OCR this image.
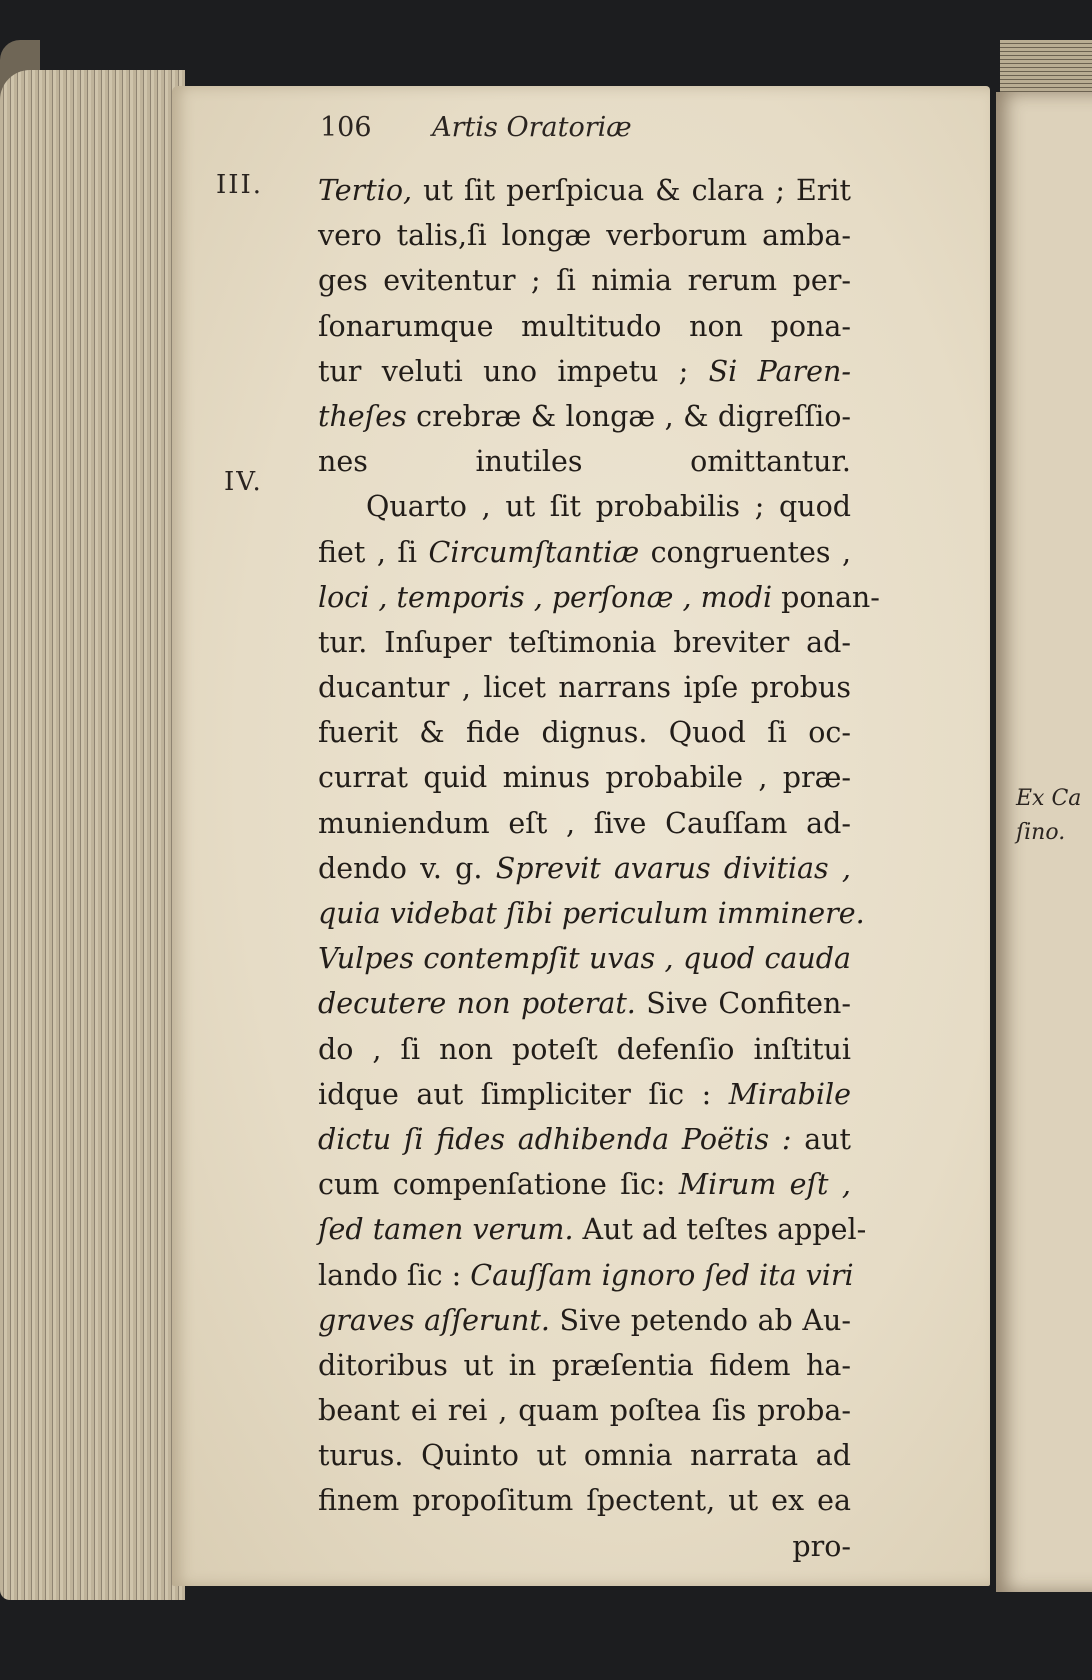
Ex Ca
ſino.
106 Artis Oratoriæ
III.
IV.
Tertio, ut ſit perſpicua & clara ; Erit
vero talis,ſi longæ verborum amba-
ges evitentur ; ſi nimia rerum per-
ſonarumque multitudo non pona-
tur veluti uno impetu ; Si Paren-
theſes crebræ & longæ , & digreſſio-
nes inutiles omittantur.
Quarto , ut ſit probabilis ; quod
fiet , ſi Circumſtantiæ congruentes ,
loci , temporis , perſonæ , modi ponan-
tur. Inſuper teſtimonia breviter ad-
ducantur , licet narrans ipſe probus
fuerit & fide dignus. Quod ſi oc-
currat quid minus probabile , præ-
muniendum eſt , ſive Cauſſam ad-
dendo v. g. Sprevit avarus divitias ,
quia videbat ſibi periculum imminere.
Vulpes contempſit uvas , quod cauda
decutere non poterat. Sive Confiten-
do , ſi non poteſt defenſio inſtitui
idque aut ſimpliciter ſic : Mirabile
dictu ſi fides adhibenda Poëtis : aut
cum compenſatione ſic: Mirum eſt ,
ſed tamen verum. Aut ad teſtes appel-
lando ſic : Cauſſam ignoro ſed ita viri
graves aſſerunt. Sive petendo ab Au-
ditoribus ut in præſentia fidem ha-
beant ei rei , quam poſtea ſis proba-
turus. Quinto ut omnia narrata ad
finem propoſitum ſpectent, ut ex ea
pro-
